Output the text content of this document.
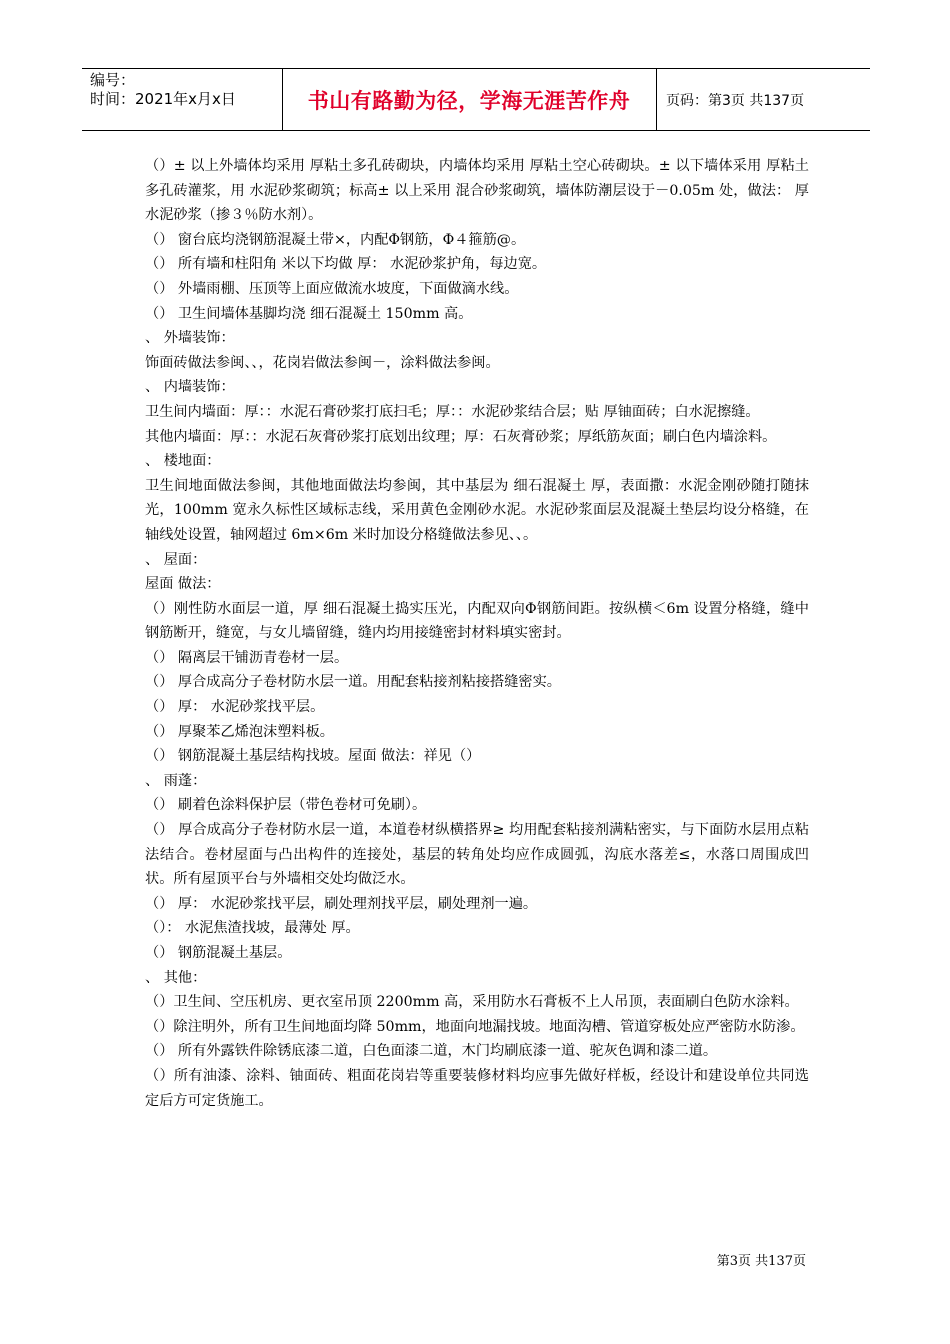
编号：
时间：2021年x月x日	书山有路勤为径，学海无涯苦作舟	页码：第3页 共137页

（）± 以上外墙体均采用 厚粘土多孔砖砌块，内墙体均采用 厚粘土空心砖砌块。± 以下墙体采用 厚粘土多孔砖灌浆，用 水泥砂浆砌筑；标高± 以上采用 混合砂浆砌筑，墙体防潮层设于－0.05m 处，做法： 厚 水泥砂浆（掺３％防水剂）。

（） 窗台底均浇钢筋混凝土带×，内配Φ钢筋，Φ４箍筋@。

（） 所有墙和柱阳角 米以下均做 厚： 水泥砂浆护角，每边宽。

（） 外墙雨棚、压顶等上面应做流水坡度，下面做滴水线。

（） 卫生间墙体基脚均浇 细石混凝土 150mm 高。

、 外墙装饰：

饰面砖做法参闽、、，花岗岩做法参闽－，涂料做法参闽。

、 内墙装饰：

卫生间内墙面：厚：：水泥石膏砂浆打底扫毛；厚：：水泥砂浆结合层；贴 厚铀面砖；白水泥擦缝。

其他内墙面：厚：：水泥石灰膏砂浆打底划出纹理；厚：石灰膏砂浆；厚纸筋灰面；刷白色内墙涂料。

、 楼地面：

卫生间地面做法参闽，其他地面做法均参闽，其中基层为 细石混凝土 厚，表面撒：水泥金刚砂随打随抹光，100mm 宽永久标性区域标志线，采用黄色金刚砂水泥。水泥砂浆面层及混凝土垫层均设分格缝，在轴线处设置，轴网超过 6m×6m 米时加设分格缝做法参见、、。

、 屋面：

屋面 做法：

（）刚性防水面层一道，厚 细石混凝土捣实压光，内配双向Φ钢筋间距。按纵横＜6m 设置分格缝，缝中钢筋断开，缝宽，与女儿墙留缝，缝内均用接缝密封材料填实密封。

（） 隔离层干铺沥青卷材一层。

（） 厚合成高分子卷材防水层一道。用配套粘接剂粘接搭缝密实。

（） 厚： 水泥砂浆找平层。

（） 厚聚苯乙烯泡沫塑料板。

（） 钢筋混凝土基层结构找坡。屋面 做法：祥见（）

、 雨蓬：

（） 刷着色涂料保护层（带色卷材可免刷）。

（） 厚合成高分子卷材防水层一道，本道卷材纵横搭界≥ 均用配套粘接剂满粘密实，与下面防水层用点粘法结合。卷材屋面与凸出构件的连接处，基层的转角处均应作成圆弧，沟底水落差≤，水落口周围成凹状。所有屋顶平台与外墙相交处均做泛水。

（） 厚： 水泥砂浆找平层，刷处理剂找平层，刷处理剂一遍。

（）： 水泥焦渣找坡，最薄处 厚。

（） 钢筋混凝土基层。

、 其他：

（）卫生间、空压机房、更衣室吊顶 2200mm 高，采用防水石膏板不上人吊顶，表面刷白色防水涂料。

（）除注明外，所有卫生间地面均降 50mm，地面向地漏找坡。地面沟槽、管道穿板处应严密防水防渗。

（） 所有外露铁件除锈底漆二道，白色面漆二道，木门均刷底漆一道、驼灰色调和漆二道。

（）所有油漆、涂料、铀面砖、粗面花岗岩等重要装修材料均应事先做好样板，经设计和建设单位共同选定后方可定货施工。

第3页 共137页
